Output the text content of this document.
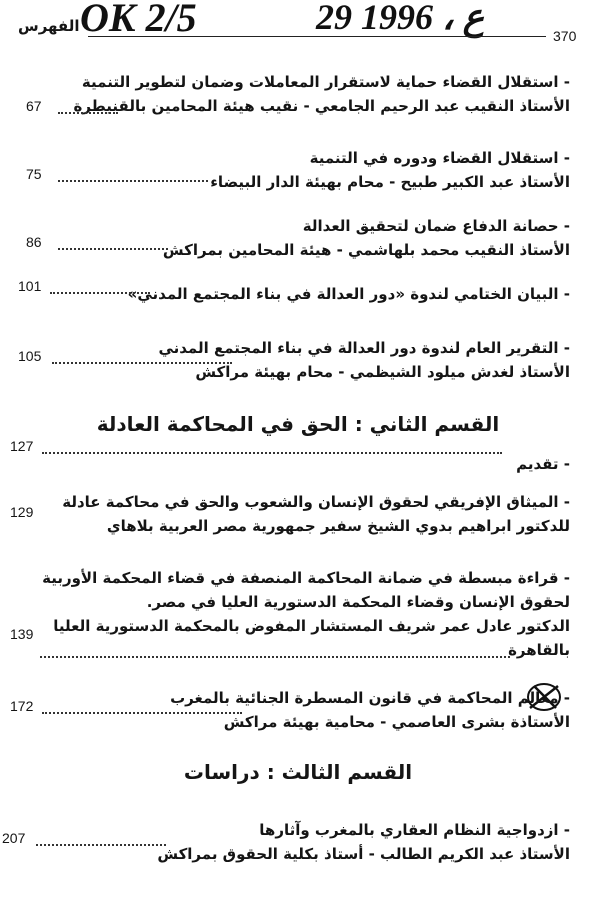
OK 2/5	29 ع ، 1996
الفهرس
370
- استقلال القضاء حماية لاستقرار المعاملات وضمان لتطوير التنمية
الأستاذ النقيب عبد الرحيم الجامعي - نقيب هيئة المحامين بالقنيطرة
67
- استقلال القضاء ودوره في التنمية
الأستاذ عبد الكبير طبيح - محام بهيئة الدار البيضاء
75
- حصانة الدفاع ضمان لتحقيق العدالة
الأستاذ النقيب محمد بلهاشمي - هيئة المحامين بمراكش
86
- البيان الختامي لندوة «دور العدالة في بناء المجتمع المدني»
101
- التقرير العام لندوة دور العدالة في بناء المجتمع المدني
الأستاذ لغدش ميلود الشيظمي - محام بهيئة مراكش
105
القسم الثاني : الحق في المحاكمة العادلة
127
- تقديم
- الميثاق الإفريقي لحقوق الإنسان والشعوب والحق في محاكمة عادلة
129
للدكتور ابراهيم بدوي الشيخ سفير جمهورية مصر العربية بلاهاي
- قراءة مبسطة في ضمانة المحاكمة المنصفة في قضاء المحكمة الأوربية
لحقوق الإنسان وقضاء المحكمة الدستورية العليا في مصر.
الدكتور عادل عمر شريف المستشار المفوض بالمحكمة الدستورية العليا
139
بالقاهرة
- معالم المحاكمة في قانون المسطرة الجنائية بالمغرب
172
الأستاذة بشرى العاصمي - محامية بهيئة مراكش
القسم الثالث : دراسات
- ازدواجية النظام العقاري بالمغرب وآثارها
207
الأستاذ عبد الكريم الطالب - أستاذ بكلية الحقوق بمراكش
